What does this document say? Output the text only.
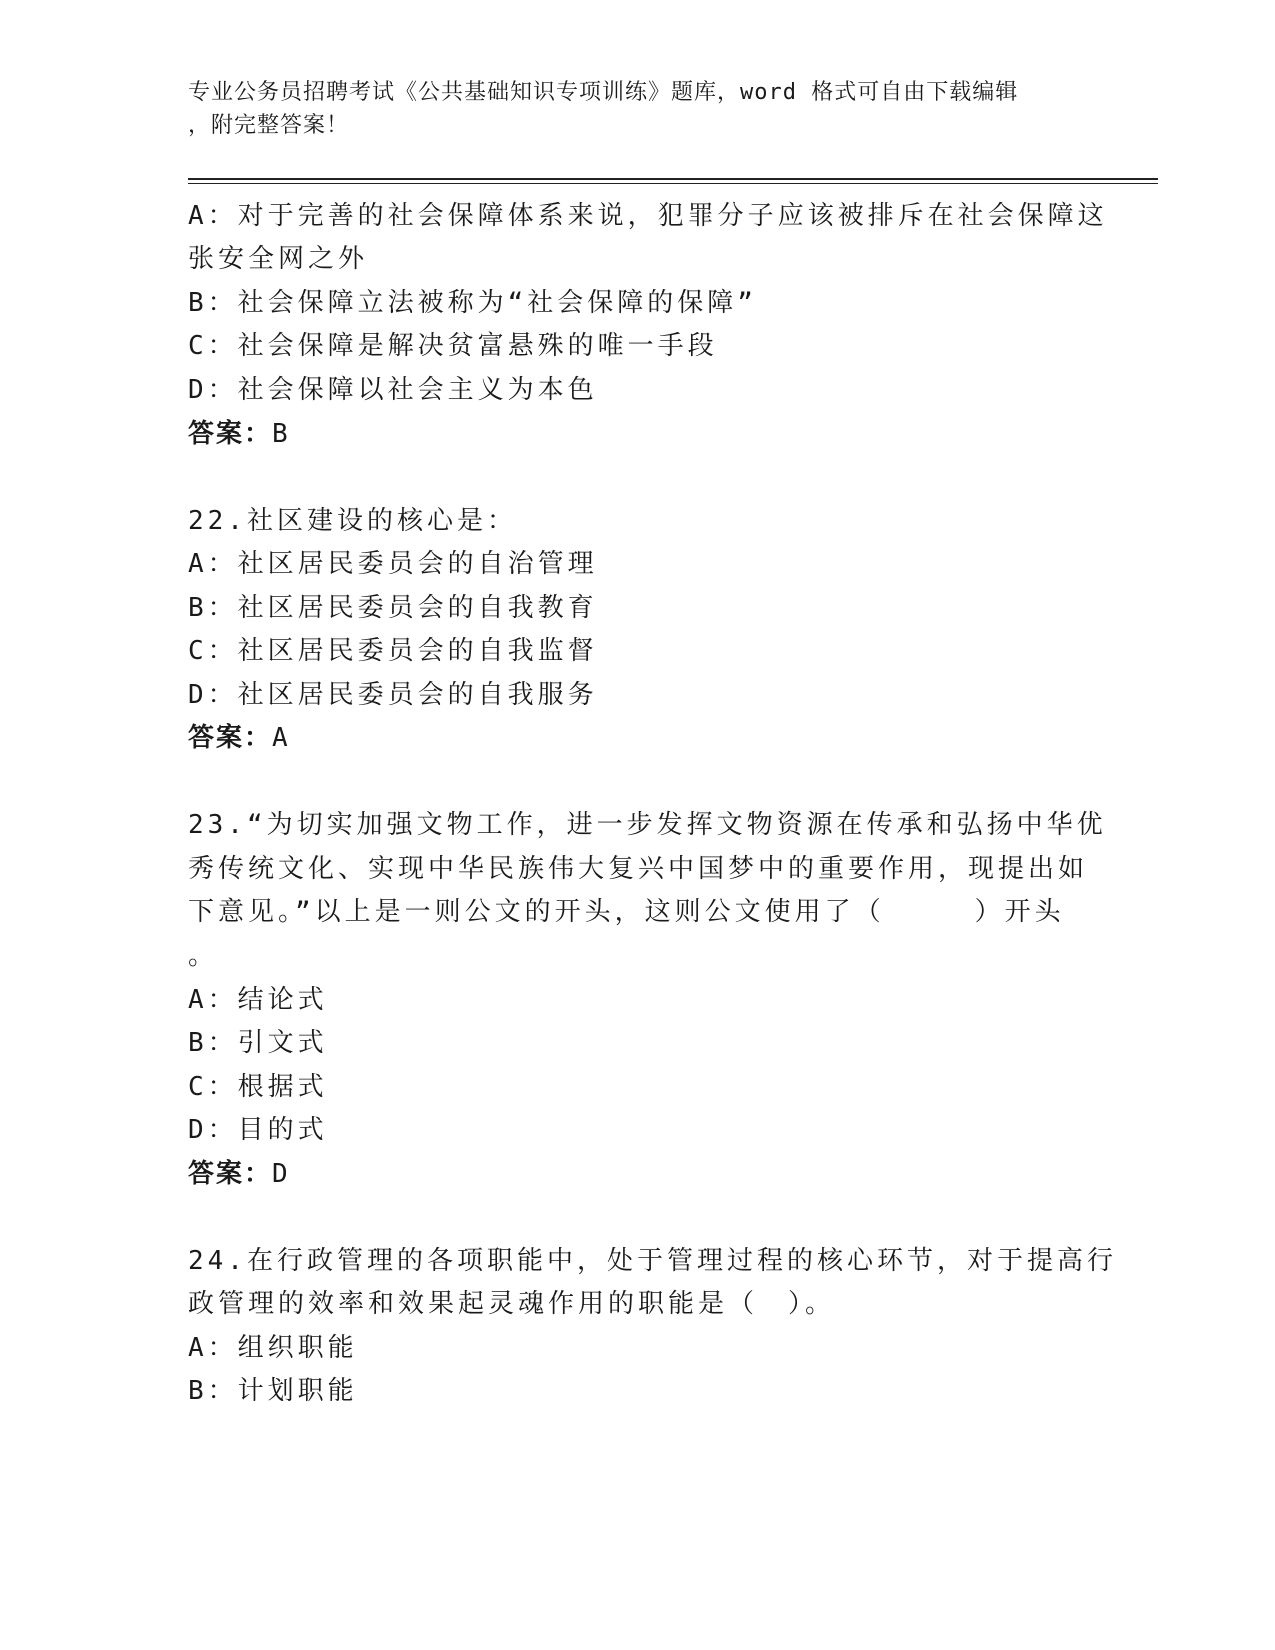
专业公务员招聘考试《公共基础知识专项训练》题库，word 格式可自由下载编辑
，附完整答案！
A：对于完善的社会保障体系来说，犯罪分子应该被排斥在社会保障这
张安全网之外
B：社会保障立法被称为“社会保障的保障”
C：社会保障是解决贫富悬殊的唯一手段
D：社会保障以社会主义为本色
答案：B
22.社区建设的核心是：
A：社区居民委员会的自治管理
B：社区居民委员会的自我教育
C：社区居民委员会的自我监督
D：社区居民委员会的自我服务
答案：A
23.“为切实加强文物工作，进一步发挥文物资源在传承和弘扬中华优
秀传统文化、实现中华民族伟大复兴中国梦中的重要作用，现提出如
下意见。”以上是一则公文的开头，这则公文使用了（　　　）开头
。
A：结论式
B：引文式
C：根据式
D：目的式
答案：D
24.在行政管理的各项职能中，处于管理过程的核心环节，对于提高行
政管理的效率和效果起灵魂作用的职能是（　）。
A：组织职能
B：计划职能
